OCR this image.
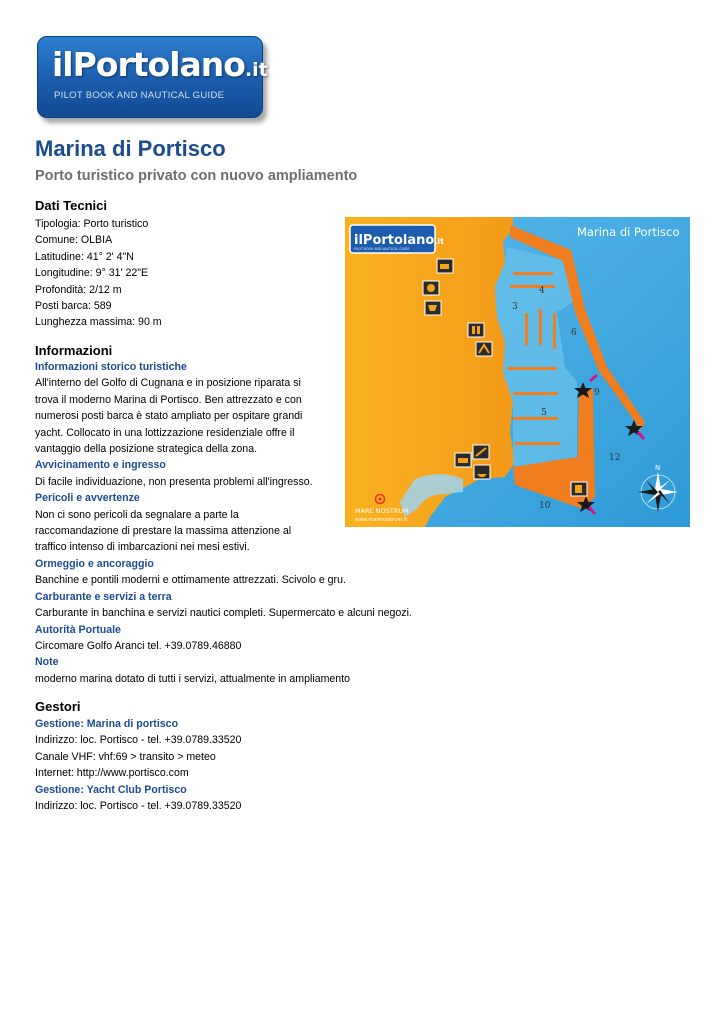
ilPortolano.it
PILOT BOOK AND NAUTICAL GUIDE
Marina di Portisco
Porto turistico privato con nuovo ampliamento
Dati Tecnici
Tipologia: Porto turistico
Comune: OLBIA
Latitudine: 41° 2' 4"N
Longitudine: 9° 31' 22"E
Profondità: 2/12 m
Posti barca: 589
Lunghezza massima: 90 m
Informazioni
Informazioni storico turistiche
All'interno del Golfo di Cugnana e in posizione riparata si
trova il moderno Marina di Portisco. Ben attrezzato e con
numerosi posti barca è stato ampliato per ospitare grandi
yacht. Collocato in una lottizzazione residenziale offre il
vantaggio della posizione strategica della zona.
Avvicinamento e ingresso
Di facile individuazione, non presenta problemi all'ingresso.
Pericoli e avvertenze
Non ci sono pericoli da segnalare a parte la
raccomandazione di prestare la massima attenzione al
traffico intenso di imbarcazioni nei mesi estivi.
Ormeggio e ancoraggio
Banchine e pontili moderni e ottimamente attrezzati. Scivolo e gru.
Carburante e servizi a terra
Carburante in banchina e servizi nautici completi. Supermercato e alcuni negozi.
Autorità Portuale
Circomare Golfo Aranci tel. +39.0789.46880
Note
moderno marina dotato di tutti i servizi, attualmente in ampliamento
Gestori
Gestione: Marina di portisco
Indirizzo: loc. Portisco - tel. +39.0789.33520
Canale VHF: vhf:69 > transito > meteo
Internet: http://www.portisco.com
Gestione: Yacht Club Portisco
Indirizzo: loc. Portisco - tel. +39.0789.33520
4
3
6
9
5
12
10
N
Marina di Portisco
ilPortolano.it
PILOT BOOK AND NAUTICAL GUIDE
MARE NOSTRUM
www.marenostrum.it
